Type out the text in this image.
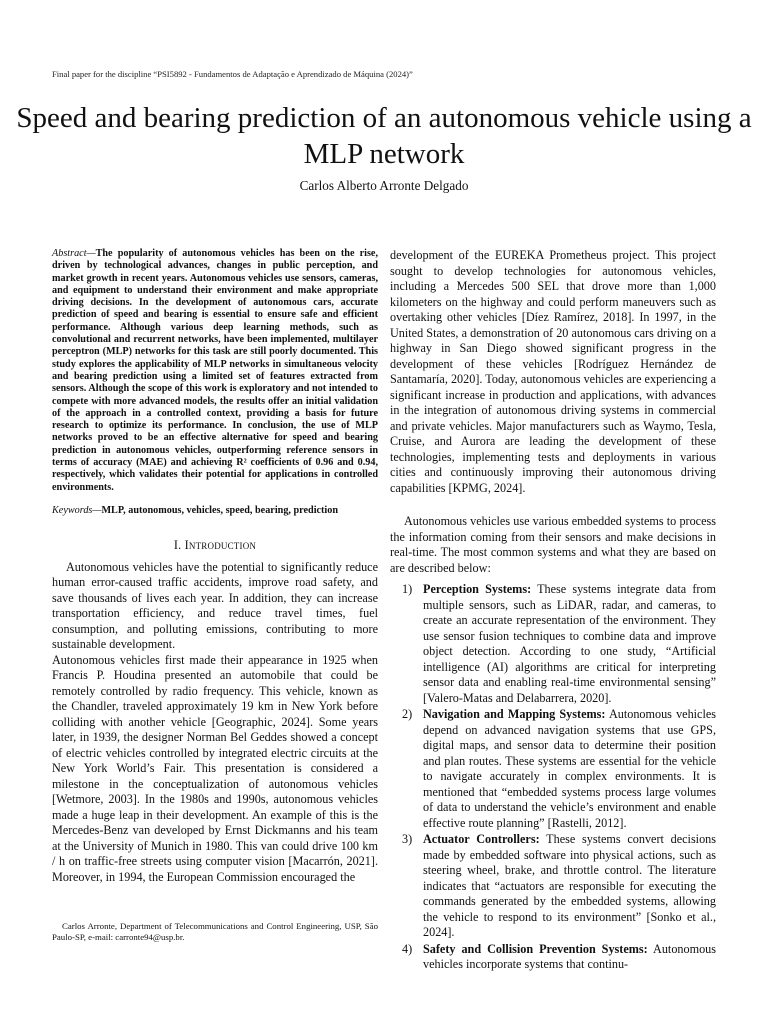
Final paper for the discipline “PSI5892 - Fundamentos de Adaptação e Aprendizado de Máquina (2024)”
Speed and bearing prediction of an autonomous vehicle using a MLP network
Carlos Alberto Arronte Delgado

Abstract—The popularity of autonomous vehicles has been on the rise, driven by technological advances, changes in public perception, and market growth in recent years. Autonomous vehicles use sensors, cameras, and equipment to understand their environment and make appropriate driving decisions. In the development of autonomous cars, accurate prediction of speed and bearing is essential to ensure safe and efficient performance. Although various deep learning methods, such as convolutional and recurrent networks, have been implemented, multilayer perceptron (MLP) networks for this task are still poorly documented. This study explores the applicability of MLP networks in simultaneous velocity and bearing prediction using a limited set of features extracted from sensors. Although the scope of this work is exploratory and not intended to compete with more advanced models, the results offer an initial validation of the approach in a controlled context, providing a basis for future research to optimize its performance. In conclusion, the use of MLP networks proved to be an effective alternative for speed and bearing prediction in autonomous vehicles, outperforming reference sensors in terms of accuracy (MAE) and achieving R² coefficients of 0.96 and 0.94, respectively, which validates their potential for applications in controlled environments.

Keywords—MLP, autonomous, vehicles, speed, bearing, prediction

I. Introduction

Autonomous vehicles have the potential to significantly reduce human error-caused traffic accidents, improve road safety, and save thousands of lives each year. In addition, they can increase transportation efficiency, and reduce travel times, fuel consumption, and polluting emissions, contributing to more sustainable development.

Autonomous vehicles first made their appearance in 1925 when Francis P. Houdina presented an automobile that could be remotely controlled by radio frequency. This vehicle, known as the Chandler, traveled approximately 19 km in New York before colliding with another vehicle [Geographic, 2024]. Some years later, in 1939, the designer Norman Bel Geddes showed a concept of electric vehicles controlled by integrated electric circuits at the New York World’s Fair. This presentation is considered a milestone in the conceptualization of autonomous vehicles [Wetmore, 2003]. In the 1980s and 1990s, autonomous vehicles made a huge leap in their development. An example of this is the Mercedes-Benz van developed by Ernst Dickmanns and his team at the University of Munich in 1980. This van could drive 100 km / h on traffic-free streets using computer vision [Macarrón, 2021]. Moreover, in 1994, the European Commission encouraged the

development of the EUREKA Prometheus project. This project sought to develop technologies for autonomous vehicles, including a Mercedes 500 SEL that drove more than 1,000 kilometers on the highway and could perform maneuvers such as overtaking other vehicles [Díez Ramírez, 2018]. In 1997, in the United States, a demonstration of 20 autonomous cars driving on a highway in San Diego showed significant progress in the development of these vehicles [Rodríguez Hernández de Santamaría, 2020]. Today, autonomous vehicles are experiencing a significant increase in production and applications, with advances in the integration of autonomous driving systems in commercial and private vehicles. Major manufacturers such as Waymo, Tesla, Cruise, and Aurora are leading the development of these technologies, implementing tests and deployments in various cities and continuously improving their autonomous driving capabilities [KPMG, 2024].

Autonomous vehicles use various embedded systems to process the information coming from their sensors and make decisions in real-time. The most common systems and what they are based on are described below:

1) Perception Systems: These systems integrate data from multiple sensors, such as LiDAR, radar, and cameras, to create an accurate representation of the environment. They use sensor fusion techniques to combine data and improve object detection. According to one study, “Artificial intelligence (AI) algorithms are critical for interpreting sensor data and enabling real-time environmental sensing” [Valero-Matas and Delabarrera, 2020].
2) Navigation and Mapping Systems: Autonomous vehicles depend on advanced navigation systems that use GPS, digital maps, and sensor data to determine their position and plan routes. These systems are essential for the vehicle to navigate accurately in complex environments. It is mentioned that “embedded systems process large volumes of data to understand the vehicle’s environment and enable effective route planning” [Rastelli, 2012].
3) Actuator Controllers: These systems convert decisions made by embedded software into physical actions, such as steering wheel, brake, and throttle control. The literature indicates that “actuators are responsible for executing the commands generated by the embedded systems, allowing the vehicle to respond to its environment” [Sonko et al., 2024].
4) Safety and Collision Prevention Systems: Autonomous vehicles incorporate systems that continu-
Carlos Arronte, Department of Telecommunications and Control Engineering, USP, São Paulo-SP, e-mail: carronte94@usp.br.
